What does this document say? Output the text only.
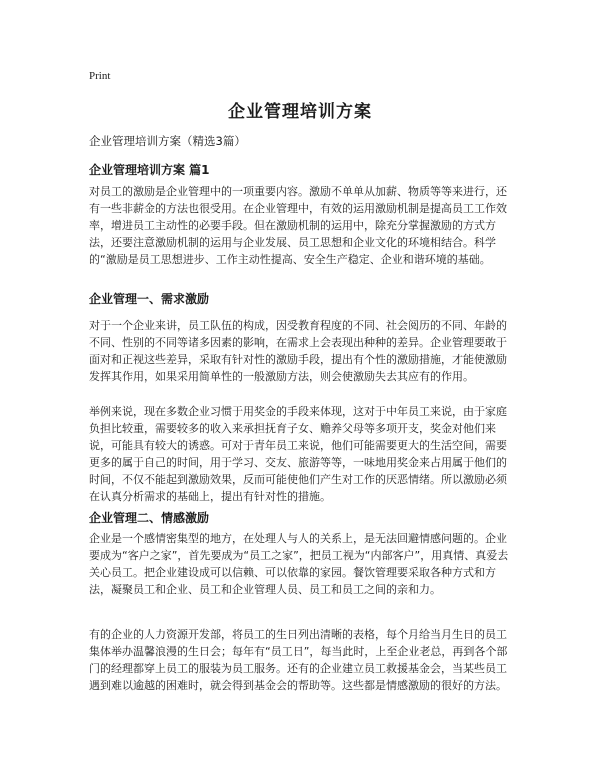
Print
企业管理培训方案
企业管理培训方案（精选3篇）
企业管理培训方案 篇1

对员工的激励是企业管理中的一项重要内容。激励不单单从加薪、物质等等来进行，还有一些非薪金的方法也很受用。在企业管理中，有效的运用激励机制是提高员工工作效率，增进员工主动性的必要手段。但在激励机制的运用中，除充分掌握激励的方式方法，还要注意激励机制的运用与企业发展、员工思想和企业文化的环境相结合。科学的“激励是员工思想进步、工作主动性提高、安全生产稳定、企业和谐环境的基础。

企业管理一、需求激励

对于一个企业来讲，员工队伍的构成，因受教育程度的不同、社会阅历的不同、年龄的不同、性别的不同等诸多因素的影响，在需求上会表现出种种的差异。企业管理要敢于面对和正视这些差异，采取有针对性的激励手段，提出有个性的激励措施，才能使激励发挥其作用，如果采用简单性的一般激励方法，则会使激励失去其应有的作用。

举例来说，现在多数企业习惯于用奖金的手段来体现，这对于中年员工来说，由于家庭负担比较重，需要较多的收入来承担抚育子女、赡养父母等多项开支，奖金对他们来说，可能具有较大的诱惑。可对于青年员工来说，他们可能需要更大的生活空间，需要更多的属于自己的时间，用于学习、交友、旅游等等，一味地用奖金来占用属于他们的时间，不仅不能起到激励效果，反而可能使他们产生对工作的厌恶情绪。所以激励必须在认真分析需求的基础上，提出有针对性的措施。

企业管理二、情感激励

企业是一个感情密集型的地方，在处理人与人的关系上，是无法回避情感问题的。企业要成为“客户之家”，首先要成为“员工之家”，把员工视为“内部客户”，用真情、真爱去关心员工。把企业建设成可以信赖、可以依靠的家园。餐饮管理要采取各种方式和方法，凝聚员工和企业、员工和企业管理人员、员工和员工之间的亲和力。

有的企业的人力资源开发部，将员工的生日列出清晰的表格，每个月给当月生日的员工集体举办温馨浪漫的生日会；每年有“员工日”，每当此时，上至企业老总，再到各个部门的经理都穿上员工的服装为员工服务。还有的企业建立员工救援基金会，当某些员工遇到难以逾越的困难时，就会得到基金会的帮助等。这些都是情感激励的很好的方法。
